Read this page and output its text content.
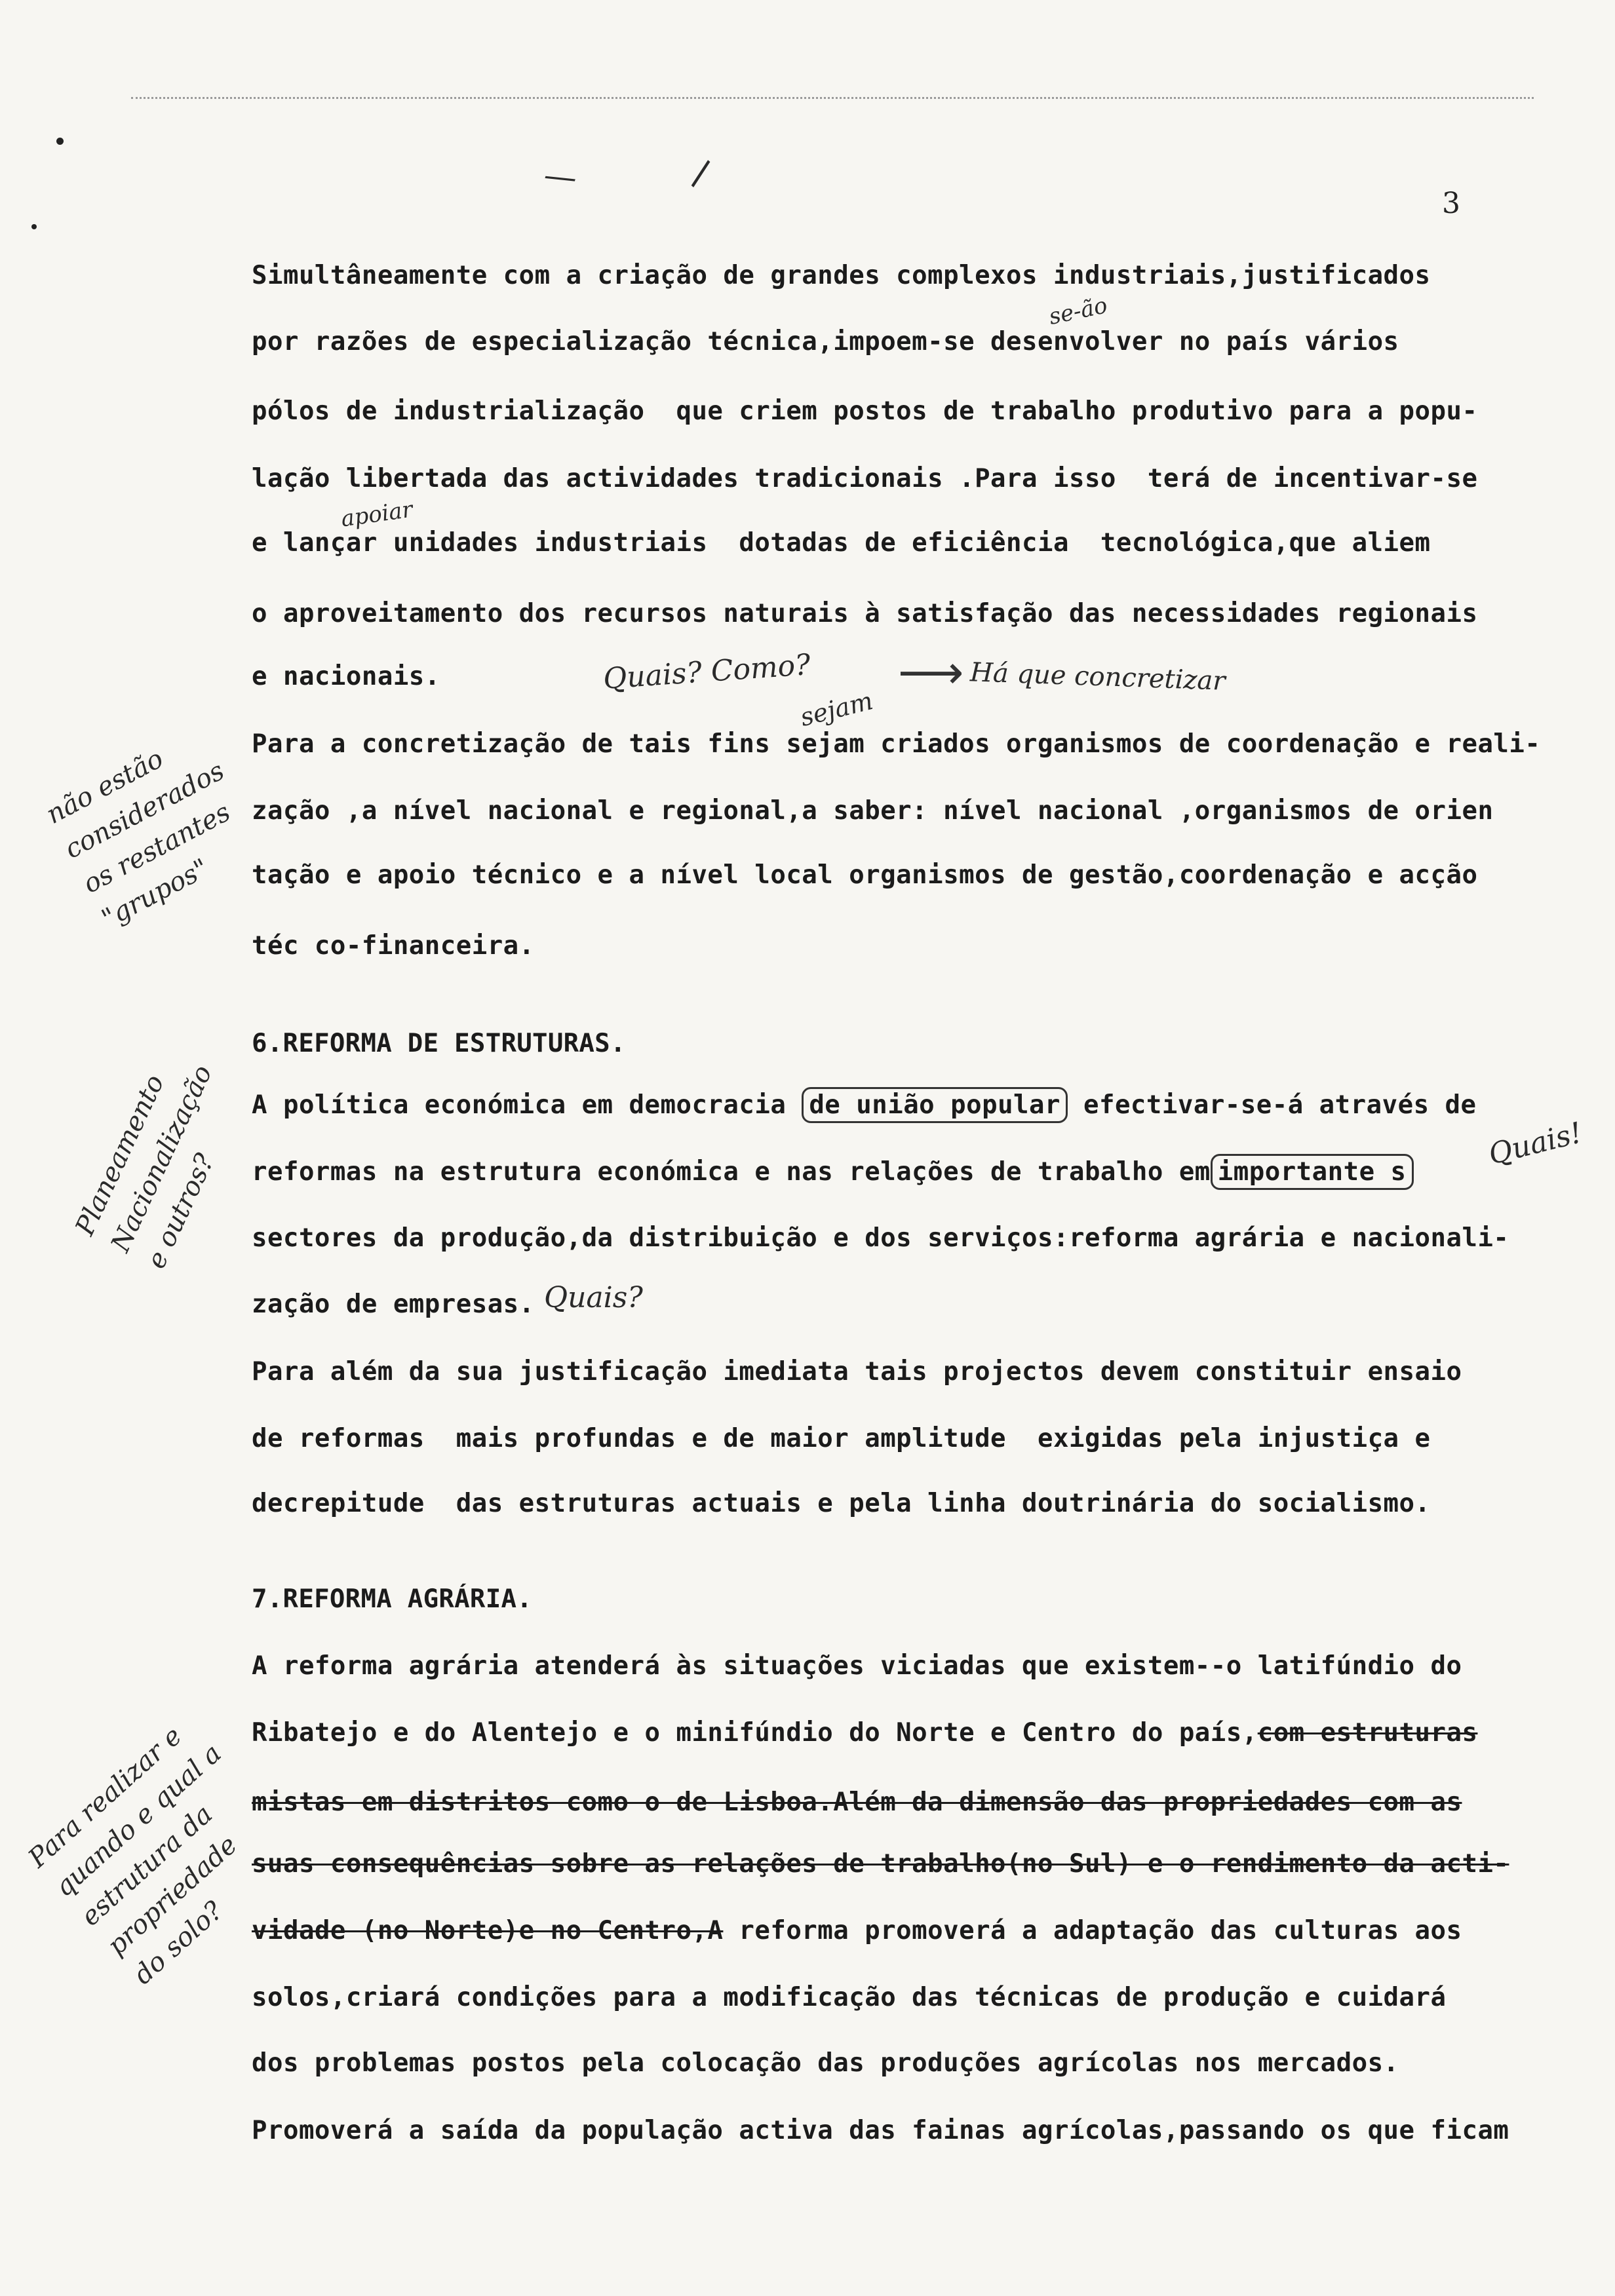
—	\
3
Simultâneamente com a criação de grandes complexos industriais,justificados
por razões de especialização técnica,impoem-se desenvolver no país vários
pólos de industrialização  que criem postos de trabalho produtivo para a popu-
lação libertada das actividades tradicionais .Para isso  terá de incentivar-se
e lançar unidades industriais  dotadas de eficiência  tecnológica,que aliem
o aproveitamento dos recursos naturais à satisfação das necessidades regionais
e nacionais.
se-ão
apoiar
Quais? Como? ⟶ Há que concretizar
Para a concretização de tais fins sejam criados organismos de coordenação e reali-
zação ,a nível nacional e regional,a saber: nível nacional ,organismos de orien
tação e apoio técnico e a nível local organismos de gestão,coordenação e acção
téc co-financeira.
sejam
não estão
considerados
os restantes
"grupos"
6.REFORMA DE ESTRUTURAS.
A política económica em democracia de união popular efectivar-se-á através de
reformas na estrutura económica e nas relações de trabalho em importante s
sectores da produção,da distribuição e dos serviços:reforma agrária e nacionali-
zação de empresas.
Quais!
Quais?
Para além da sua justificação imediata tais projectos devem constituir ensaio
de reformas  mais profundas e de maior amplitude  exigidas pela injustiça e
decrepitude  das estruturas actuais e pela linha doutrinária do socialismo.
Planeamento
Nacionalização
e outros?
7.REFORMA AGRÁRIA.
A reforma agrária atenderá às situações viciadas que existem--o latifúndio do
Ribatejo e do Alentejo e o minifúndio do Norte e Centro do país,com estruturas
mistas em distritos como o de Lisboa.Além da dimensão das propriedades com as
suas consequências sobre as relações de trabalho(no Sul) e o rendimento da acti-
vidade (no Norte)e no Centro,A reforma promoverá a adaptação das culturas aos
solos,criará condições para a modificação das técnicas de produção e cuidará
dos problemas postos pela colocação das produções agrícolas nos mercados.
Promoverá a saída da população activa das fainas agrícolas,passando os que ficam
Para realizar e
quando e qual a
estrutura da
propriedade
do solo?
